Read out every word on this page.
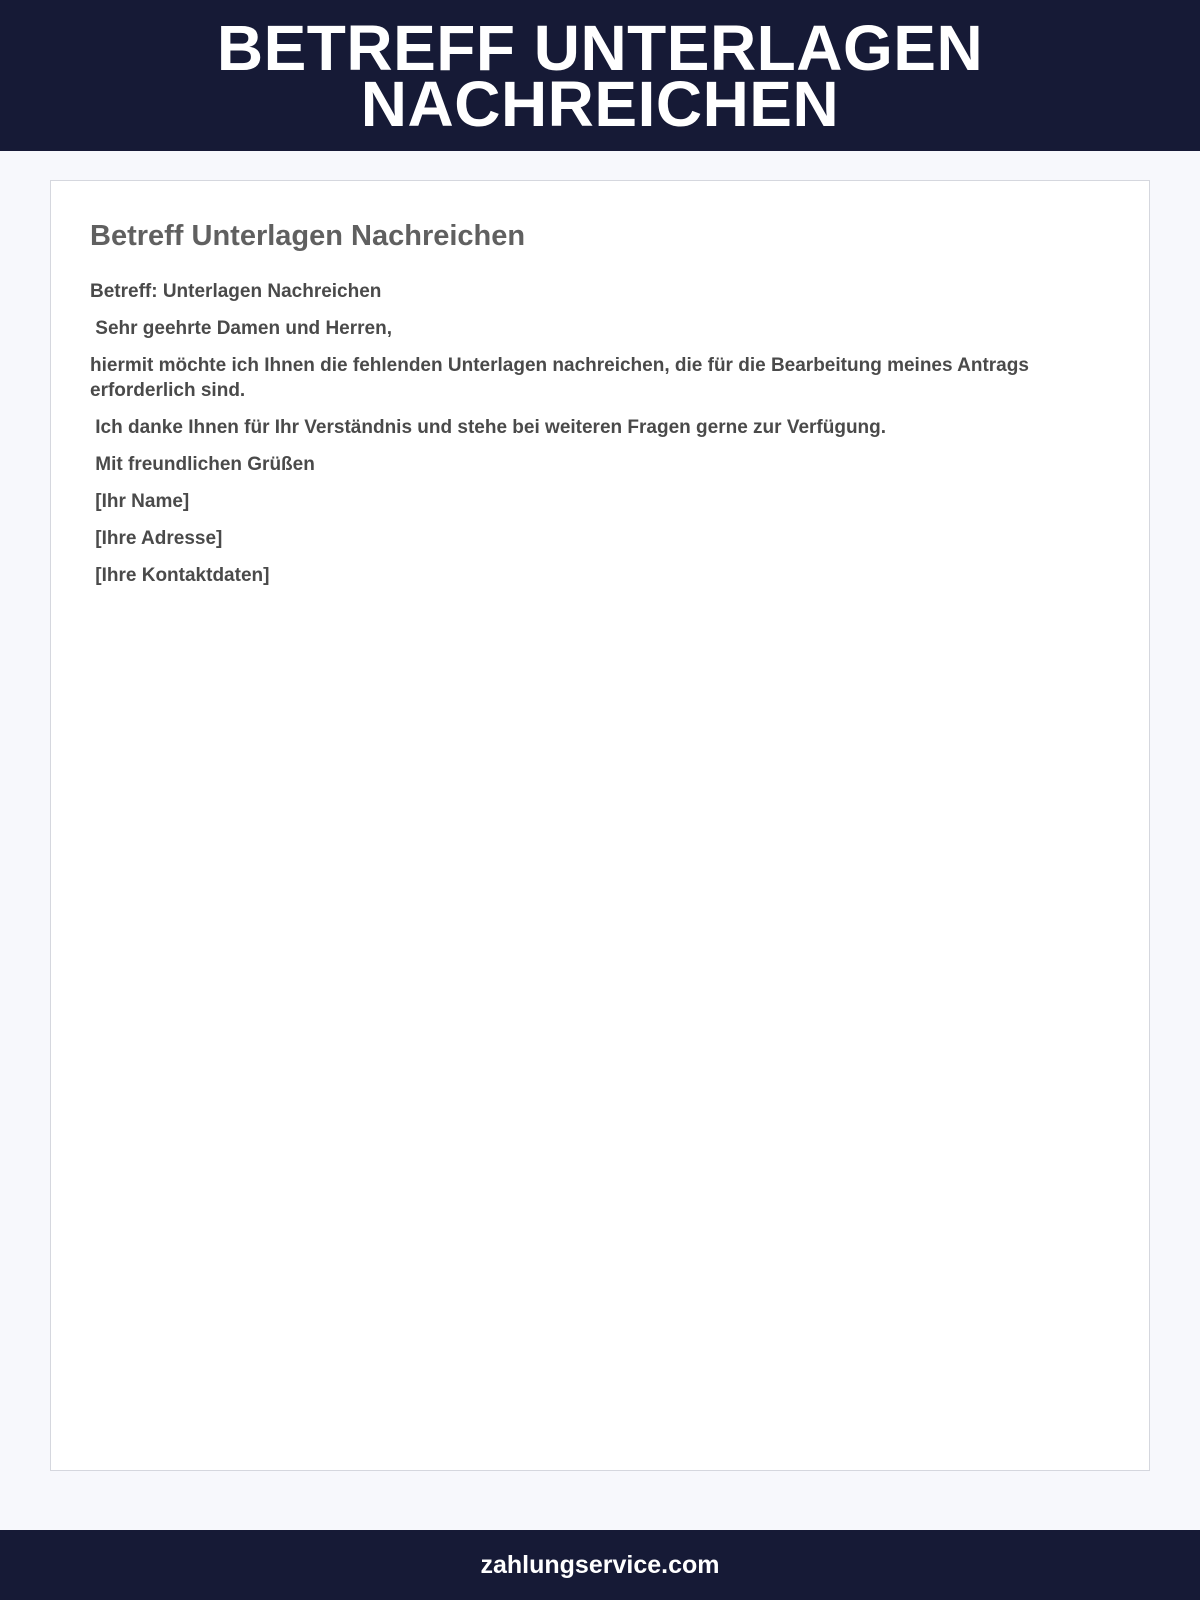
BETREFF UNTERLAGEN NACHREICHEN
Betreff Unterlagen Nachreichen

Betreff: Unterlagen Nachreichen

Sehr geehrte Damen und Herren,

hiermit möchte ich Ihnen die fehlenden Unterlagen nachreichen, die für die Bearbeitung meines Antrags erforderlich sind.

Ich danke Ihnen für Ihr Verständnis und stehe bei weiteren Fragen gerne zur Verfügung.

Mit freundlichen Grüßen

[Ihr Name]

[Ihre Adresse]

[Ihre Kontaktdaten]

zahlungservice.com
